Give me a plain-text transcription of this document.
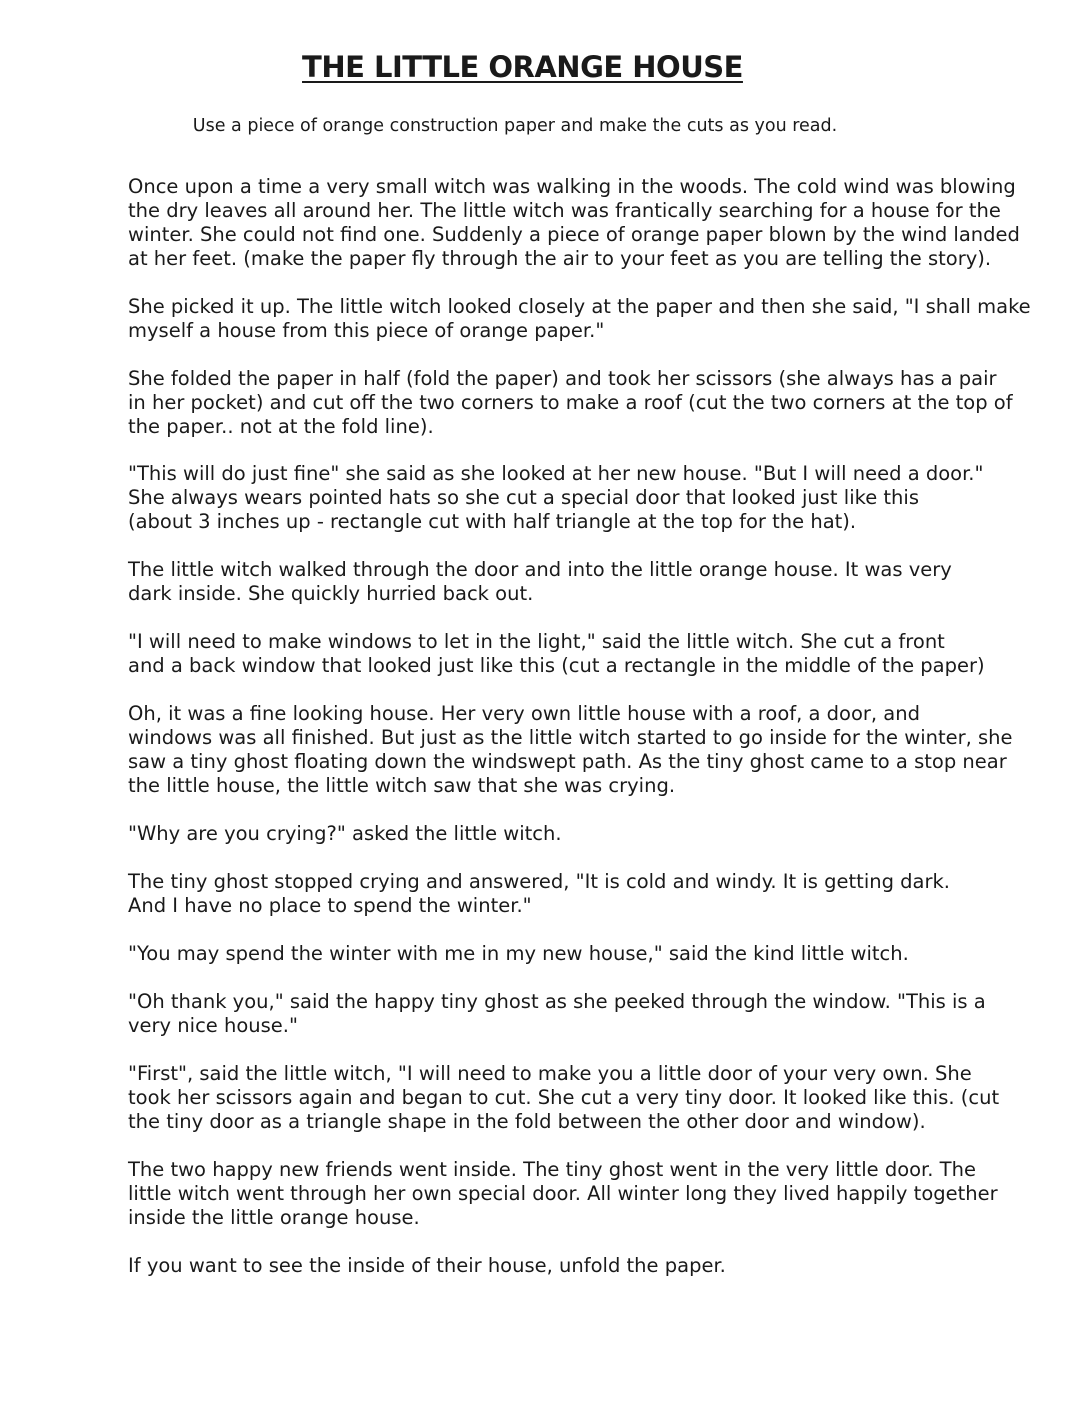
THE LITTLE ORANGE HOUSE

Use a piece of orange construction paper and make the cuts as you read.

Once upon a time a very small witch was walking in the woods. The cold wind was blowing
the dry leaves all around her. The little witch was frantically searching for a house for the
winter. She could not find one. Suddenly a piece of orange paper blown by the wind landed
at her feet. (make the paper fly through the air to your feet as you are telling the story).

She picked it up. The little witch looked closely at the paper and then she said, "I shall make
myself a house from this piece of orange paper."

She folded the paper in half (fold the paper) and took her scissors (she always has a pair
in her pocket) and cut off the two corners to make a roof (cut the two corners at the top of
the paper.. not at the fold line).

"This will do just fine" she said as she looked at her new house. "But I will need a door."
She always wears pointed hats so she cut a special door that looked just like this
(about 3 inches up - rectangle cut with half triangle at the top for the hat).

The little witch walked through the door and into the little orange house. It was very
dark inside. She quickly hurried back out.

"I will need to make windows to let in the light," said the little witch. She cut a front
and a back window that looked just like this (cut a rectangle in the middle of the paper)

Oh, it was a fine looking house. Her very own little house with a roof, a door, and
windows was all finished. But just as the little witch started to go inside for the winter, she
saw a tiny ghost floating down the windswept path. As the tiny ghost came to a stop near
the little house, the little witch saw that she was crying.

"Why are you crying?" asked the little witch.

The tiny ghost stopped crying and answered, "It is cold and windy. It is getting dark.
And I have no place to spend the winter."

"You may spend the winter with me in my new house," said the kind little witch.

"Oh thank you," said the happy tiny ghost as she peeked through the window. "This is a
very nice house."

"First", said the little witch, "I will need to make you a little door of your very own. She
took her scissors again and began to cut. She cut a very tiny door. It looked like this. (cut
the tiny door as a triangle shape in the fold between the other door and window).

The two happy new friends went inside. The tiny ghost went in the very little door. The
little witch went through her own special door. All winter long they lived happily together
inside the little orange house.

If you want to see the inside of their house, unfold the paper.
